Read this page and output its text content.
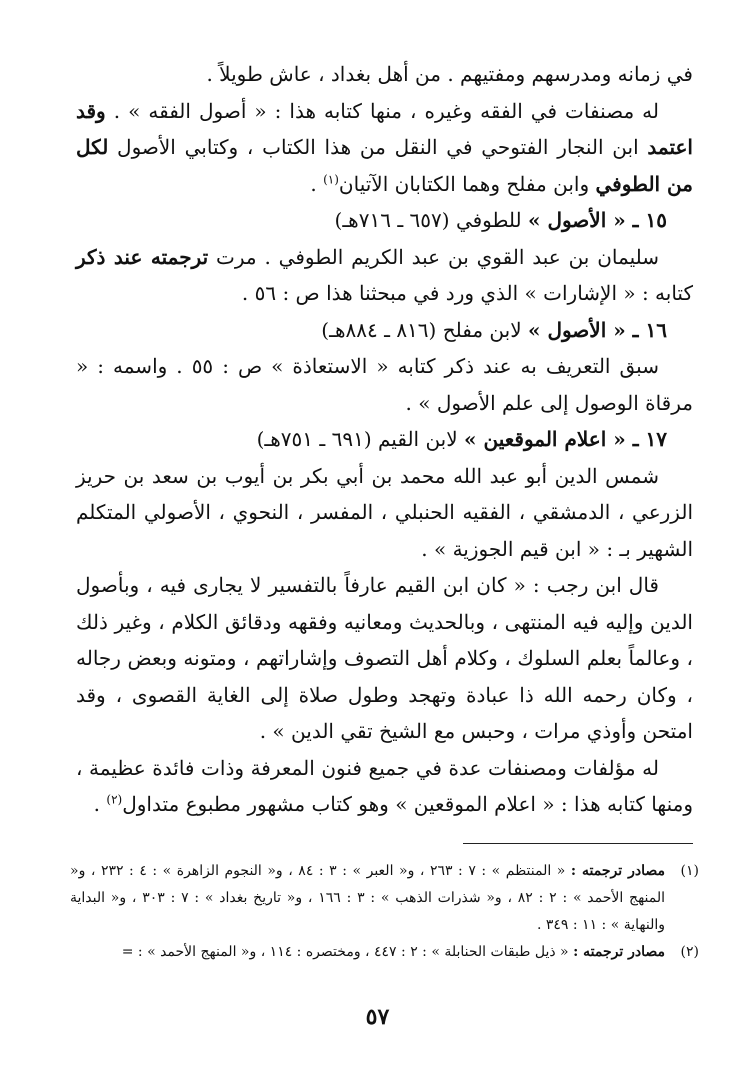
في زمانه ومدرسهم ومفتيهم . من أهل بغداد ، عاش طويلاً .

له مصنفات في الفقه وغيره ، منها كتابه هذا : « أصول الفقه » . وقد اعتمد ابن النجار الفتوحي في النقل من هذا الكتاب ، وكتابي الأصول لكل من الطوفي وابن مفلح وهما الكتابان الآتيان$^{(١)}$ .

١٥ ـ « الأصول » للطوفي (٦٥٧ ـ ٧١٦هـ)

سليمان بن عبد القوي بن عبد الكريم الطوفي . مرت ترجمته عند ذكر كتابه : « الإشارات » الذي ورد في مبحثنا هذا ص : ٥٦ .

١٦ ـ « الأصول » لابن مفلح (٨١٦ ـ ٨٨٤هـ)

سبق التعريف به عند ذكر كتابه « الاستعاذة » ص : ٥٥ . واسمه : « مرقاة الوصول إلى علم الأصول » .

١٧ ـ « اعلام الموقعين » لابن القيم (٦٩١ ـ ٧٥١هـ)

شمس الدين أبو عبد الله محمد بن أبي بكر بن أيوب بن سعد بن حريز الزرعي ، الدمشقي ، الفقيه الحنبلي ، المفسر ، النحوي ، الأصولي المتكلم الشهير بـ : « ابن قيم الجوزية » .

قال ابن رجب : « كان ابن القيم عارفاً بالتفسير لا يجارى فيه ، وبأصول الدين وإليه فيه المنتهى ، وبالحديث ومعانيه وفقهه ودقائق الكلام ، وغير ذلك ، وعالماً بعلم السلوك ، وكلام أهل التصوف وإشاراتهم ، ومتونه وبعض رجاله ، وكان رحمه الله ذا عبادة وتهجد وطول صلاة إلى الغاية القصوى ، وقد امتحن وأوذي مرات ، وحبس مع الشيخ تقي الدين » .

له مؤلفات ومصنفات عدة في جميع فنون المعرفة وذات فائدة عظيمة ، ومنها كتابه هذا : « اعلام الموقعين » وهو كتاب مشهور مطبوع متداول$^{(٢)}$ .

(١)
مصادر ترجمته : « المنتظم » : ٧ : ٢٦٣ ، و« العبر » : ٣ : ٨٤ ، و« النجوم الزاهرة » : ٤ : ٢٣٢ ، و« المنهج الأحمد » : ٢ : ٨٢ ، و« شذرات الذهب » : ٣ : ١٦٦ ، و« تاريخ بغداد » : ٧ : ٣٠٣ ، و« البداية والنهاية » : ١١ : ٣٤٩ .
(٢)
مصادر ترجمته : « ذيل طبقات الحنابلة » : ٢ : ٤٤٧ ، ومختصره : ١١٤ ، و« المنهج الأحمد » : =
٥٧
